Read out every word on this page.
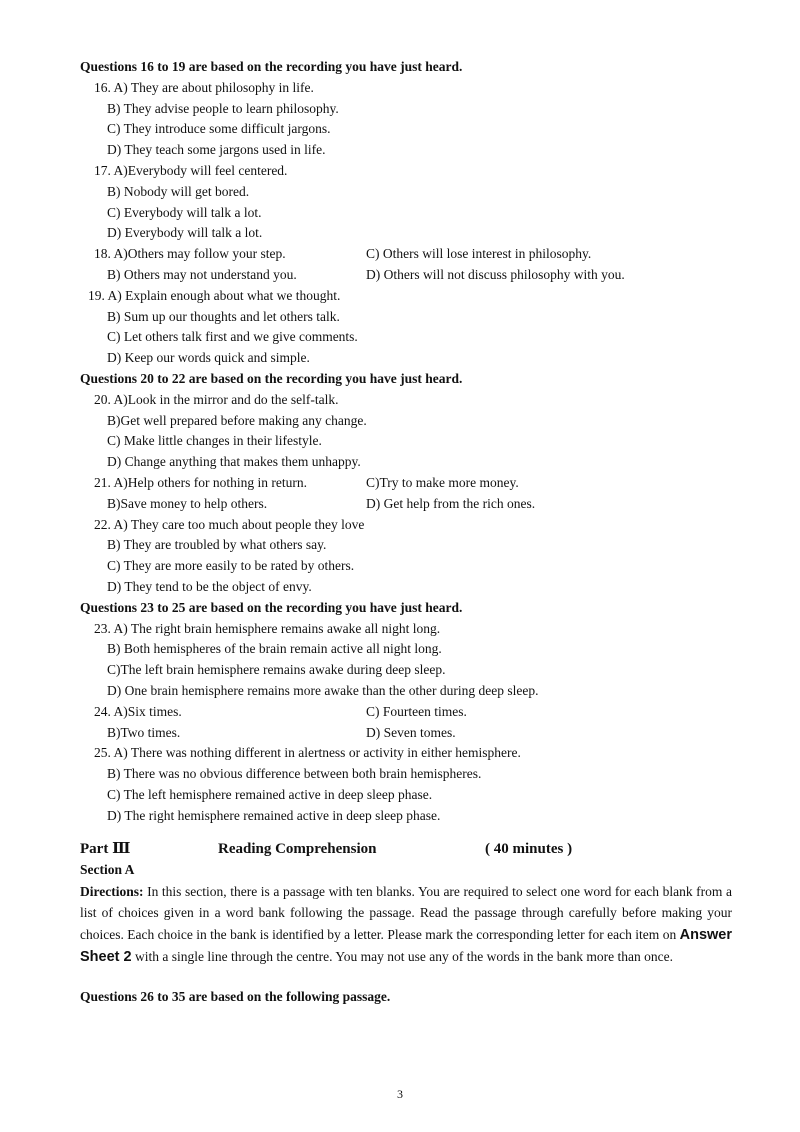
Questions 16 to 19 are based on the recording you have just heard.
16. A) They are about philosophy in life.
B) They advise people to learn philosophy.
C) They introduce some difficult jargons.
D) They teach some jargons used in life.
17. A)Everybody will feel centered.
B) Nobody will get bored.
C) Everybody will talk a lot.
D) Everybody will talk a lot.
18. A)Others may follow your step.	C) Others will lose interest in philosophy.
B) Others may not understand you.	D) Others will not discuss philosophy with you.
19. A) Explain enough about what we thought.
B) Sum up our thoughts and let others talk.
C) Let others talk first and we give comments.
D) Keep our words quick and simple.
Questions 20 to 22 are based on the recording you have just heard.
20. A)Look in the mirror and do the self-talk.
B)Get well prepared before making any change.
C) Make little changes in their lifestyle.
D) Change anything that makes them unhappy.
21. A)Help others for nothing in return.	C)Try to make more money.
B)Save money to help others.	D) Get help from the rich ones.
22. A) They care too much about people they love
B) They are troubled by what others say.
C) They are more easily to be rated by others.
D) They tend to be the object of envy.
Questions 23 to 25 are based on the recording you have just heard.
23. A) The right brain hemisphere remains awake all night long.
B) Both hemispheres of the brain remain active all night long.
C)The left brain hemisphere remains awake during deep sleep.
D) One brain hemisphere remains more awake than the other during deep sleep.
24. A)Six times.	C) Fourteen times.
B)Two times.	D) Seven tomes.
25. A) There was nothing different in alertness or activity in either hemisphere.
B) There was no obvious difference between both brain hemispheres.
C) The left hemisphere remained active in deep sleep phase.
D) The right hemisphere remained active in deep sleep phase.
Part Ⅲ	Reading Comprehension	( 40 minutes )
Section A
Directions: In this section, there is a passage with ten blanks. You are required to select one word for each blank from a list of choices given in a word bank following the passage. Read the passage through carefully before making your choices. Each choice in the bank is identified by a letter. Please mark the corresponding letter for each item on Answer Sheet 2 with a single line through the centre. You may not use any of the words in the bank more than once.
Questions 26 to 35 are based on the following passage.
3
